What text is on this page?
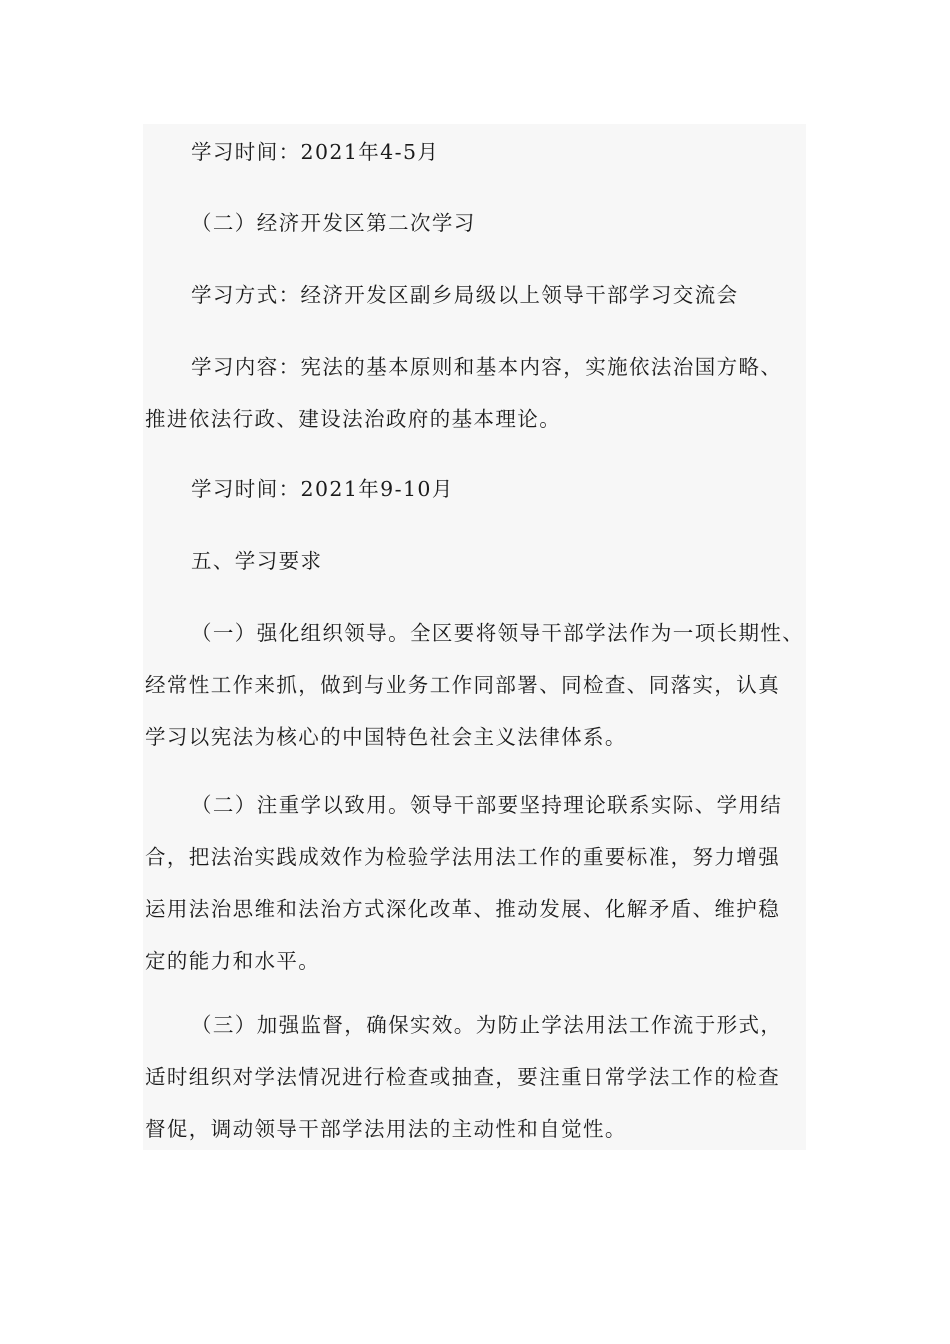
学习时间：2021年4-5月
（二）经济开发区第二次学习
学习方式：经济开发区副乡局级以上领导干部学习交流会
学习内容：宪法的基本原则和基本内容，实施依法治国方略、
推进依法行政、建设法治政府的基本理论。
学习时间：2021年9-10月
五、学习要求
（一）强化组织领导。全区要将领导干部学法作为一项长期性、
经常性工作来抓，做到与业务工作同部署、同检查、同落实，认真
学习以宪法为核心的中国特色社会主义法律体系。
（二）注重学以致用。领导干部要坚持理论联系实际、学用结
合，把法治实践成效作为检验学法用法工作的重要标准，努力增强
运用法治思维和法治方式深化改革、推动发展、化解矛盾、维护稳
定的能力和水平。
（三）加强监督，确保实效。为防止学法用法工作流于形式，
适时组织对学法情况进行检查或抽查，要注重日常学法工作的检查
督促，调动领导干部学法用法的主动性和自觉性。
